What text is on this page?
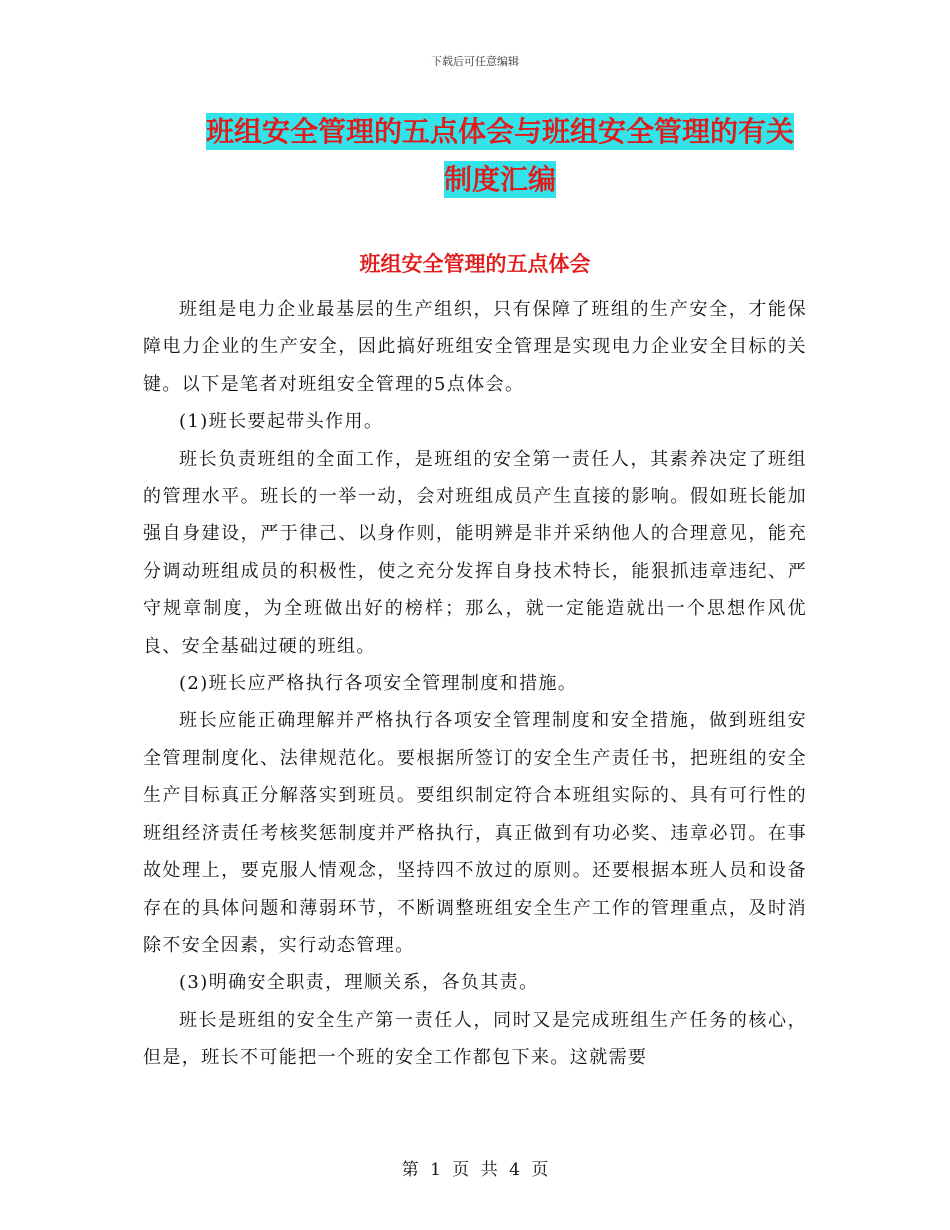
下载后可任意编辑
班组安全管理的五点体会与班组安全管理的有关制度汇编
班组安全管理的五点体会

班组是电力企业最基层的生产组织，只有保障了班组的生产安全，才能保障电力企业的生产安全，因此搞好班组安全管理是实现电力企业安全目标的关键。以下是笔者对班组安全管理的5点体会。

(1)班长要起带头作用。

班长负责班组的全面工作，是班组的安全第一责任人，其素养决定了班组的管理水平。班长的一举一动，会对班组成员产生直接的影响。假如班长能加强自身建设，严于律己、以身作则，能明辨是非并采纳他人的合理意见，能充分调动班组成员的积极性，使之充分发挥自身技术特长，能狠抓违章违纪、严守规章制度，为全班做出好的榜样；那么，就一定能造就出一个思想作风优良、安全基础过硬的班组。

(2)班长应严格执行各项安全管理制度和措施。

班长应能正确理解并严格执行各项安全管理制度和安全措施，做到班组安全管理制度化、法律规范化。要根据所签订的安全生产责任书，把班组的安全生产目标真正分解落实到班员。要组织制定符合本班组实际的、具有可行性的班组经济责任考核奖惩制度并严格执行，真正做到有功必奖、违章必罚。在事故处理上，要克服人情观念，坚持四不放过的原则。还要根据本班人员和设备存在的具体问题和薄弱环节，不断调整班组安全生产工作的管理重点，及时消除不安全因素，实行动态管理。

(3)明确安全职责，理顺关系，各负其责。

班长是班组的安全生产第一责任人，同时又是完成班组生产任务的核心，但是，班长不可能把一个班的安全工作都包下来。这就需要

第 1 页 共 4 页
